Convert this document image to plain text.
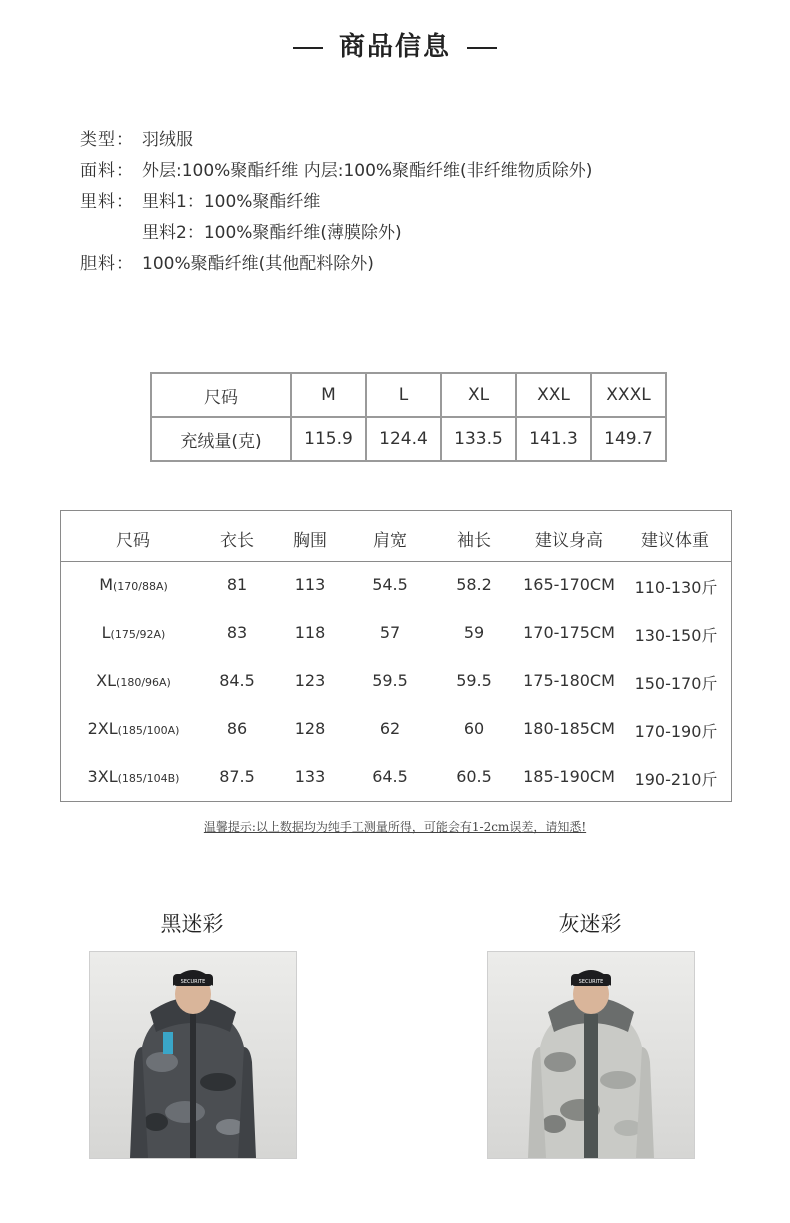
商品信息
类型： 羽绒服
面料： 外层:100%聚酯纤维 内层:100%聚酯纤维(非纤维物质除外)
里料： 里料1：100%聚酯纤维
里料2：100%聚酯纤维(薄膜除外)
胆料： 100%聚酯纤维(其他配料除外)
尺码	M	L	XL	XXL	XXXL
充绒量(克)	115.9	124.4	133.5	141.3	149.7
尺码	衣长	胸围	肩宽	袖长	建议身高	建议体重
M(170/88A)	81	113	54.5	58.2	165-170CM	110-130斤
L(175/92A)	83	118	57	59	170-175CM	130-150斤
XL(180/96A)	84.5	123	59.5	59.5	175-180CM	150-170斤
2XL(185/100A)	86	128	62	60	180-185CM	170-190斤
3XL(185/104B)	87.5	133	64.5	60.5	185-190CM	190-210斤
温馨提示:以上数据均为纯手工测量所得，可能会有1-2cm误差，请知悉!
黑迷彩	灰迷彩
SECURITE	SECURITE
